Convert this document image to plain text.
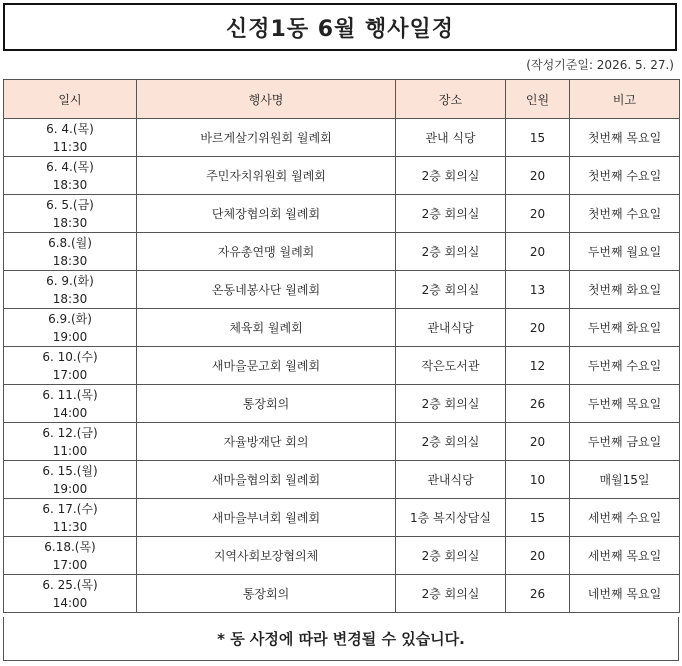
신정1동 6월 행사일정
(작성기준일: 2026. 5. 27.)
일시	행사명	장소	인원	비고

6. 4.(목)
11:30	바르게살기위원회 월례회	관내 식당	15	첫번째 목요일

6. 4.(목)
18:30	주민자치위원회 월례회	2층 회의실	20	첫번째 수요일

6. 5.(금)
18:30	단체장협의회 월례회	2층 회의실	20	첫번째 수요일

6.8.(월)
18:30	자유총연맹 월례회	2층 회의실	20	두번째 월요일

6. 9.(화)
18:30	온동네봉사단 월례회	2층 회의실	13	첫번째 화요일

6.9.(화)
19:00	체육회 월례회	관내식당	20	두번째 화요일

6. 10.(수)
17:00	새마을문고회 월례회	작은도서관	12	두번째 수요일

6. 11.(목)
14:00	통장회의	2층 회의실	26	두번째 목요일

6. 12.(금)
11:00	자율방재단 회의	2층 회의실	20	두번째 금요일

6. 15.(월)
19:00	새마을협의회 월례회	관내식당	10	매월15일

6. 17.(수)
11:30	새마을부녀회 월례회	1층 복지상담실	15	세번째 수요일

6.18.(목)
17:00	지역사회보장협의체	2층 회의실	20	세번째 목요일

6. 25.(목)
14:00	통장회의	2층 회의실	26	네번째 목요일
* 동 사정에 따라 변경될 수 있습니다.
